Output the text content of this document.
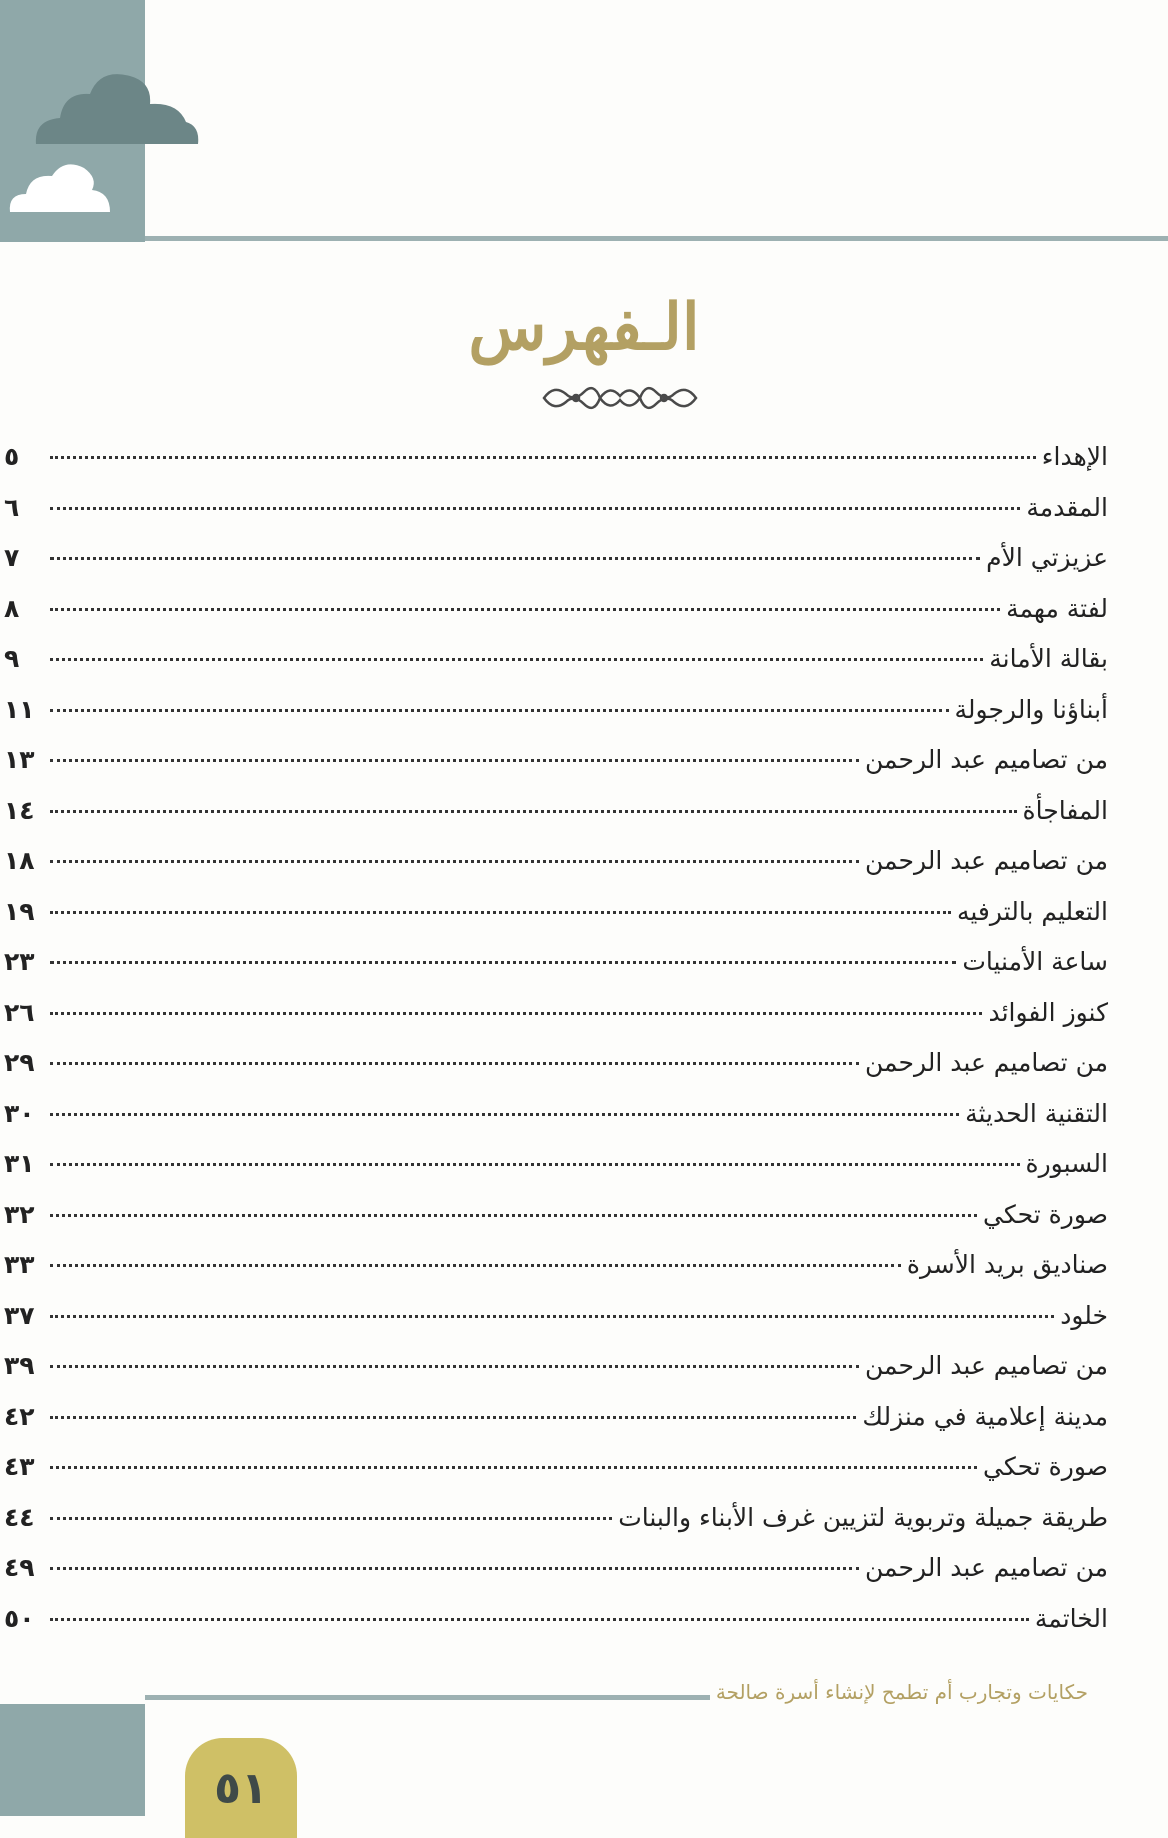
الـفهرس
الإهداء
٥
المقدمة
٦
عزيزتي الأم
٧
لفتة مهمة
٨
بقالة الأمانة
٩
أبناؤنا والرجولة
١١
من تصاميم عبد الرحمن
١٣
المفاجأة
١٤
من تصاميم عبد الرحمن
١٨
التعليم بالترفيه
١٩
ساعة الأمنيات
٢٣
كنوز الفوائد
٢٦
من تصاميم عبد الرحمن
٢٩
التقنية الحديثة
٣٠
السبورة
٣١
صورة تحكي
٣٢
صناديق بريد الأسرة
٣٣
خلود
٣٧
من تصاميم عبد الرحمن
٣٩
مدينة إعلامية في منزلك
٤٢
صورة تحكي
٤٣
طريقة جميلة وتربوية لتزيين غرف الأبناء والبنات
٤٤
من تصاميم عبد الرحمن
٤٩
الخاتمة
٥٠
حكايات وتجارب أم تطمح لإنشاء أسرة صالحة
٥١
